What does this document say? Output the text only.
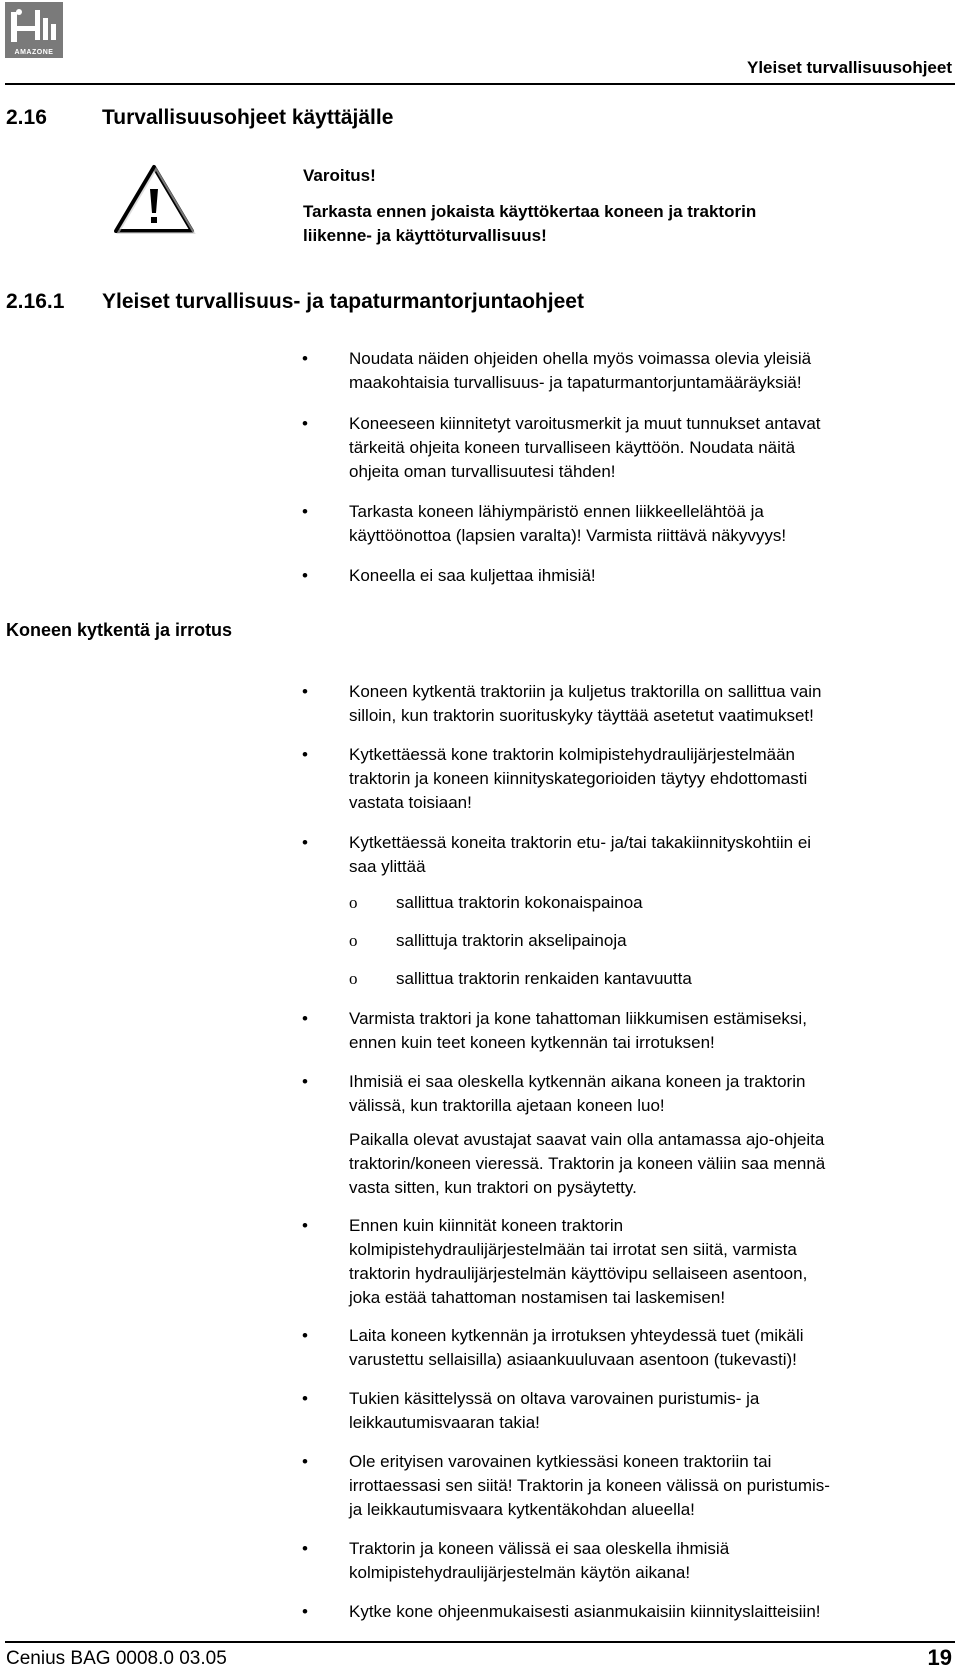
AMAZONE
Yleiset turvallisuusohjeet
2.16	Turvallisuusohjeet käyttäjälle
Varoitus!
Tarkasta ennen jokaista käyttökertaa koneen ja traktorin
liikenne- ja käyttöturvallisuus!
2.16.1 Yleiset turvallisuus- ja tapaturmantorjuntaohjeet
Koneen kytkentä ja irrotus
• Noudata näiden ohjeiden ohella myös voimassa olevia yleisiä
maakohtaisia turvallisuus- ja tapaturmantorjuntamääräyksiä!
• Koneeseen kiinnitetyt varoitusmerkit ja muut tunnukset antavat
tärkeitä ohjeita koneen turvalliseen käyttöön. Noudata näitä
ohjeita oman turvallisuutesi tähden!
• Tarkasta koneen lähiympäristö ennen liikkeellelähtöä ja
käyttöönottoa (lapsien varalta)! Varmista riittävä näkyvyys!
• Koneella ei saa kuljettaa ihmisiä!
• Koneen kytkentä traktoriin ja kuljetus traktorilla on sallittua vain
silloin, kun traktorin suorituskyky täyttää asetetut vaatimukset!
• Kytkettäessä kone traktorin kolmipistehydraulijärjestelmään
traktorin ja koneen kiinnityskategorioiden täytyy ehdottomasti
vastata toisiaan!
• Kytkettäessä koneita traktorin etu- ja/tai takakiinnityskohtiin ei
saa ylittää
o sallittua traktorin kokonaispainoa
o sallittuja traktorin akselipainoja
o sallittua traktorin renkaiden kantavuutta
• Varmista traktori ja kone tahattoman liikkumisen estämiseksi,
ennen kuin teet koneen kytkennän tai irrotuksen!
• Ihmisiä ei saa oleskella kytkennän aikana koneen ja traktorin
välissä, kun traktorilla ajetaan koneen luo!
Paikalla olevat avustajat saavat vain olla antamassa ajo-ohjeita
traktorin/koneen vieressä. Traktorin ja koneen väliin saa mennä
vasta sitten, kun traktori on pysäytetty.
• Ennen kuin kiinnität koneen traktorin
kolmipistehydraulijärjestelmään tai irrotat sen siitä, varmista
traktorin hydraulijärjestelmän käyttövipu sellaiseen asentoon,
joka estää tahattoman nostamisen tai laskemisen!
• Laita koneen kytkennän ja irrotuksen yhteydessä tuet (mikäli
varustettu sellaisilla) asiaankuuluvaan asentoon (tukevasti)!
• Tukien käsittelyssä on oltava varovainen puristumis- ja
leikkautumisvaaran takia!
• Ole erityisen varovainen kytkiessäsi koneen traktoriin tai
irrottaessasi sen siitä! Traktorin ja koneen välissä on puristumis-
ja leikkautumisvaara kytkentäkohdan alueella!
• Traktorin ja koneen välissä ei saa oleskella ihmisiä
kolmipistehydraulijärjestelmän käytön aikana!
• Kytke kone ohjeenmukaisesti asianmukaisiin kiinnityslaitteisiin!
Cenius BAG 0008.0 03.05	19
